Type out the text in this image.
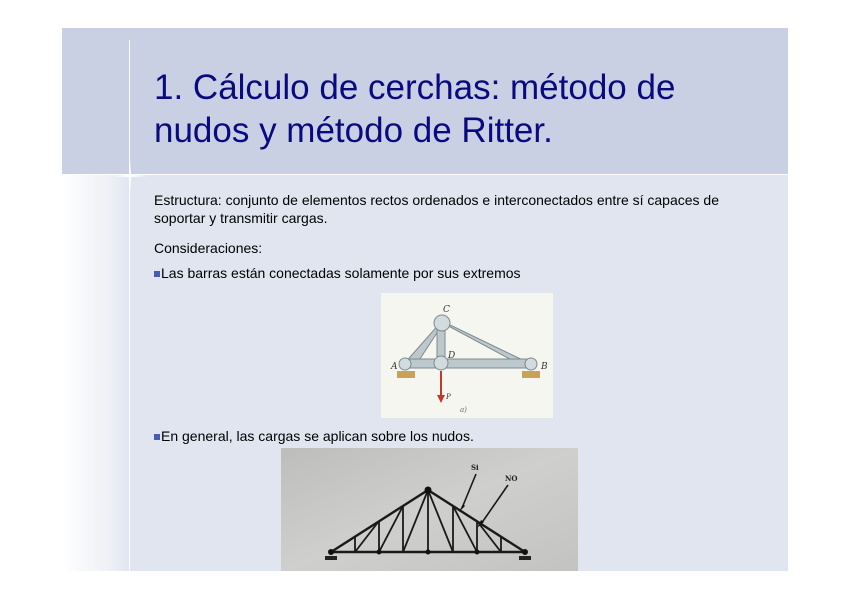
1. Cálculo de cerchas: método de nudos y método de Ritter.

Estructura: conjunto de elementos rectos ordenados e interconectados entre sí capaces de soportar y transmitir cargas.

Consideraciones:

Las barras están conectadas solamente por sus extremos

C
D
A	B
P
a)

En general, las cargas se aplican sobre los nudos.

Si
NO
